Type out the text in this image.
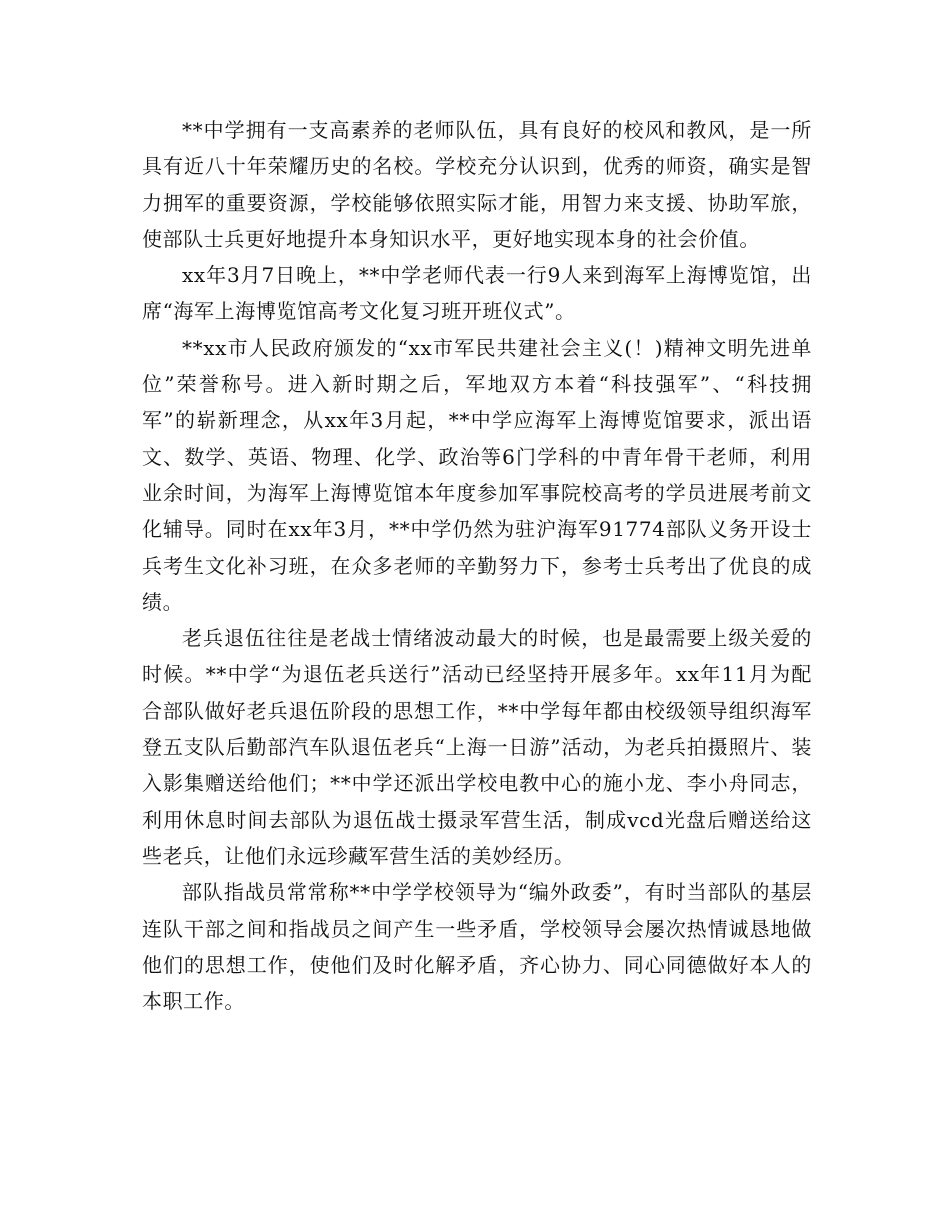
**中学拥有一支高素养的老师队伍，具有良好的校风和教风，是一所具有近八十年荣耀历史的名校。学校充分认识到，优秀的师资，确实是智力拥军的重要资源，学校能够依照实际才能，用智力来支援、协助军旅，使部队士兵更好地提升本身知识水平，更好地实现本身的社会价值。

xx年3月7日晚上，**中学老师代表一行9人来到海军上海博览馆，出席“海军上海博览馆高考文化复习班开班仪式”。

**xx市人民政府颁发的“xx市军民共建社会主义(！)精神文明先进单位”荣誉称号。进入新时期之后，军地双方本着“科技强军”、“科技拥军”的崭新理念，从xx年3月起，**中学应海军上海博览馆要求，派出语文、数学、英语、物理、化学、政治等6门学科的中青年骨干老师，利用业余时间，为海军上海博览馆本年度参加军事院校高考的学员进展考前文化辅导。同时在xx年3月，**中学仍然为驻沪海军91774部队义务开设士兵考生文化补习班，在众多老师的辛勤努力下，参考士兵考出了优良的成绩。

老兵退伍往往是老战士情绪波动最大的时候，也是最需要上级关爱的时候。**中学“为退伍老兵送行”活动已经坚持开展多年。xx年11月为配合部队做好老兵退伍阶段的思想工作，**中学每年都由校级领导组织海军登五支队后勤部汽车队退伍老兵“上海一日游”活动，为老兵拍摄照片、装入影集赠送给他们；**中学还派出学校电教中心的施小龙、李小舟同志，利用休息时间去部队为退伍战士摄录军营生活，制成vcd光盘后赠送给这些老兵，让他们永远珍藏军营生活的美妙经历。

部队指战员常常称**中学学校领导为“编外政委”，有时当部队的基层连队干部之间和指战员之间产生一些矛盾，学校领导会屡次热情诚恳地做他们的思想工作，使他们及时化解矛盾，齐心协力、同心同德做好本人的本职工作。
